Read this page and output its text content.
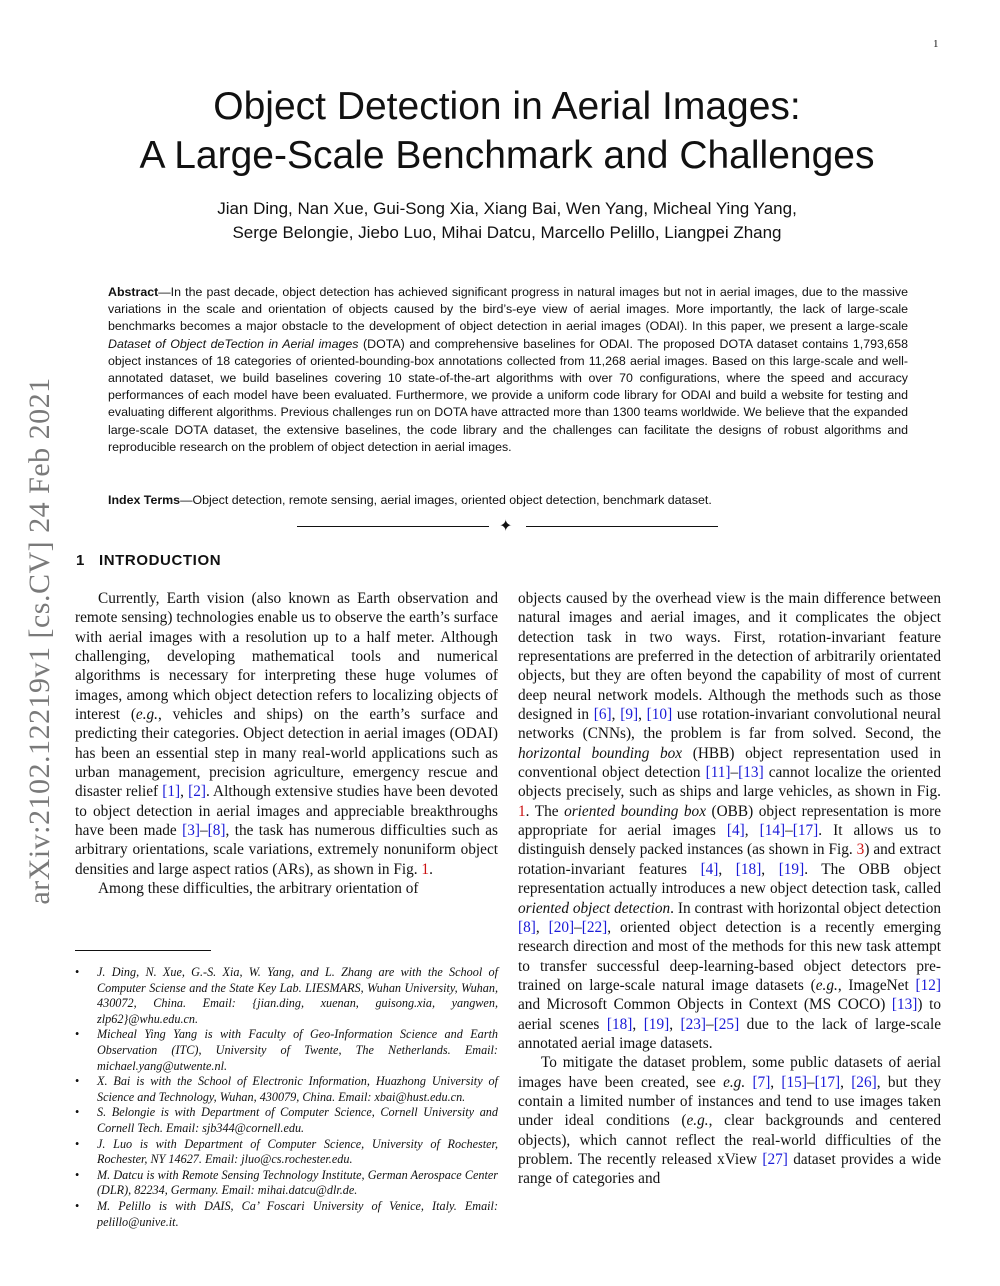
1
arXiv:2102.12219v1 [cs.CV] 24 Feb 2021
Object Detection in Aerial Images:
A Large-Scale Benchmark and Challenges
Jian Ding, Nan Xue, Gui-Song Xia, Xiang Bai, Wen Yang, Micheal Ying Yang,
Serge Belongie, Jiebo Luo, Mihai Datcu, Marcello Pelillo, Liangpei Zhang

Abstract—In the past decade, object detection has achieved significant progress in natural images but not in aerial images, due to the massive variations in the scale and orientation of objects caused by the bird’s-eye view of aerial images. More importantly, the lack of large-scale benchmarks becomes a major obstacle to the development of object detection in aerial images (ODAI). In this paper, we present a large-scale Dataset of Object deTection in Aerial images (DOTA) and comprehensive baselines for ODAI. The proposed DOTA dataset contains 1,793,658 object instances of 18 categories of oriented-bounding-box annotations collected from 11,268 aerial images. Based on this large-scale and well-annotated dataset, we build baselines covering 10 state-of-the-art algorithms with over 70 configurations, where the speed and accuracy performances of each model have been evaluated. Furthermore, we provide a uniform code library for ODAI and build a website for testing and evaluating different algorithms. Previous challenges run on DOTA have attracted more than 1300 teams worldwide. We believe that the expanded large-scale DOTA dataset, the extensive baselines, the code library and the challenges can facilitate the designs of robust algorithms and reproducible research on the problem of object detection in aerial images.

Index Terms—Object detection, remote sensing, aerial images, oriented object detection, benchmark dataset.

✦
1 INTRODUCTION

Currently, Earth vision (also known as Earth observation and remote sensing) technologies enable us to observe the earth’s surface with aerial images with a resolution up to a half meter. Although challenging, developing mathematical tools and numerical algorithms is necessary for interpreting these huge volumes of images, among which object detection refers to localizing objects of interest (e.g., vehicles and ships) on the earth’s surface and predicting their categories. Object detection in aerial images (ODAI) has been an essential step in many real-world applications such as urban management, precision agriculture, emergency rescue and disaster relief [1], [2]. Although extensive studies have been devoted to object detection in aerial images and appreciable breakthroughs have been made [3]–[8], the task has numerous difficulties such as arbitrary orientations, scale variations, extremely nonuniform object densities and large aspect ratios (ARs), as shown in Fig. 1.

Among these difficulties, the arbitrary orientation of

• J. Ding, N. Xue, G.-S. Xia, W. Yang, and L. Zhang are with the School of Computer Sciense and the State Key Lab. LIESMARS, Wuhan University, Wuhan, 430072, China. Email: {jian.ding, xuenan, guisong.xia, yangwen, zlp62}@whu.edu.cn.
• Micheal Ying Yang is with Faculty of Geo-Information Science and Earth Observation (ITC), University of Twente, The Netherlands. Email: michael.yang@utwente.nl.
• X. Bai is with the School of Electronic Information, Huazhong University of Science and Technology, Wuhan, 430079, China. Email: xbai@hust.edu.cn.
• S. Belongie is with Department of Computer Science, Cornell University and Cornell Tech. Email: sjb344@cornell.edu.
• J. Luo is with Department of Computer Science, University of Rochester, Rochester, NY 14627. Email: jluo@cs.rochester.edu.
• M. Datcu is with Remote Sensing Technology Institute, German Aerospace Center (DLR), 82234, Germany. Email: mihai.datcu@dlr.de.
• M. Pelillo is with DAIS, Ca’ Foscari University of Venice, Italy. Email: pelillo@unive.it.

objects caused by the overhead view is the main difference between natural images and aerial images, and it complicates the object detection task in two ways. First, rotation-invariant feature representations are preferred in the detection of arbitrarily orientated objects, but they are often beyond the capability of most of current deep neural network models. Although the methods such as those designed in [6], [9], [10] use rotation-invariant convolutional neural networks (CNNs), the problem is far from solved. Second, the horizontal bounding box (HBB) object representation used in conventional object detection [11]–[13] cannot localize the oriented objects precisely, such as ships and large vehicles, as shown in Fig. 1. The oriented bounding box (OBB) object representation is more appropriate for aerial images [4], [14]–[17]. It allows us to distinguish densely packed instances (as shown in Fig. 3) and extract rotation-invariant features [4], [18], [19]. The OBB object representation actually introduces a new object detection task, called oriented object detection. In contrast with horizontal object detection [8], [20]–[22], oriented object detection is a recently emerging research direction and most of the methods for this new task attempt to transfer successful deep-learning-based object detectors pre-trained on large-scale natural image datasets (e.g., ImageNet [12] and Microsoft Common Objects in Context (MS COCO) [13]) to aerial scenes [18], [19], [23]–[25] due to the lack of large-scale annotated aerial image datasets.

To mitigate the dataset problem, some public datasets of aerial images have been created, see e.g. [7], [15]–[17], [26], but they contain a limited number of instances and tend to use images taken under ideal conditions (e.g., clear backgrounds and centered objects), which cannot reflect the real-world difficulties of the problem. The recently released xView [27] dataset provides a wide range of categories and
